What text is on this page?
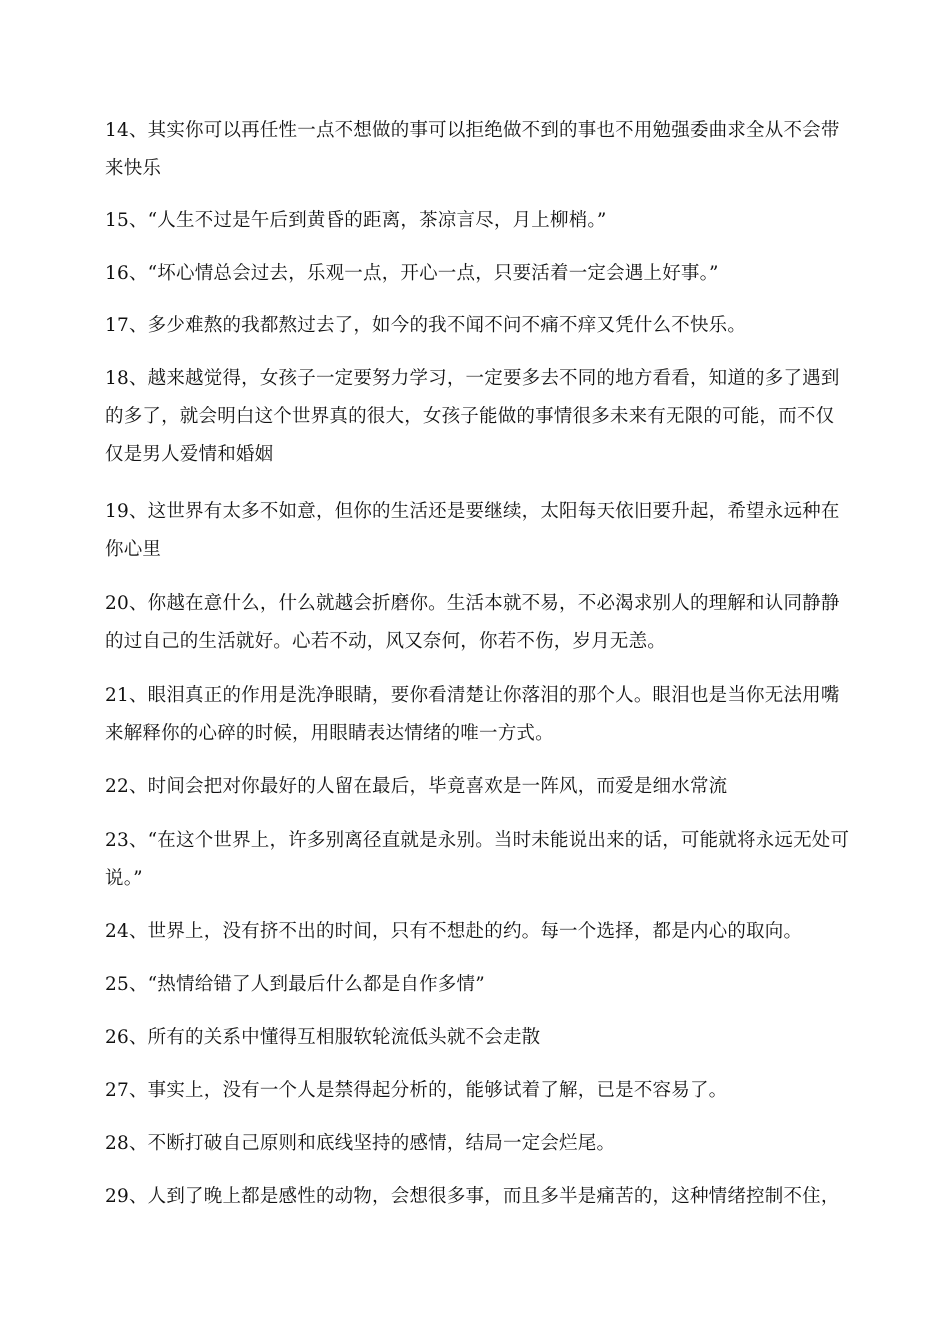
14、其实你可以再任性一点不想做的事可以拒绝做不到的事也不用勉强委曲求全从不会带来快乐

15、“人生不过是午后到黄昏的距离，茶凉言尽，月上柳梢。”

16、“坏心情总会过去，乐观一点，开心一点，只要活着一定会遇上好事。”

17、多少难熬的我都熬过去了，如今的我不闻不问不痛不痒又凭什么不快乐。

18、越来越觉得，女孩子一定要努力学习，一定要多去不同的地方看看，知道的多了遇到的多了，就会明白这个世界真的很大，女孩子能做的事情很多未来有无限的可能，而不仅仅是男人爱情和婚姻

19、这世界有太多不如意，但你的生活还是要继续，太阳每天依旧要升起，希望永远种在你心里

20、你越在意什么，什么就越会折磨你。生活本就不易，不必渴求别人的理解和认同静静的过自己的生活就好。心若不动，风又奈何，你若不伤，岁月无恙。

21、眼泪真正的作用是洗净眼睛，要你看清楚让你落泪的那个人。眼泪也是当你无法用嘴来解释你的心碎的时候，用眼睛表达情绪的唯一方式。

22、时间会把对你最好的人留在最后，毕竟喜欢是一阵风，而爱是细水常流

23、“在这个世界上，许多别离径直就是永别。当时未能说出来的话，可能就将永远无处可说。”

24、世界上，没有挤不出的时间，只有不想赴的约。每一个选择，都是内心的取向。

25、“热情给错了人到最后什么都是自作多情”

26、所有的关系中懂得互相服软轮流低头就不会走散

27、事实上，没有一个人是禁得起分析的，能够试着了解，已是不容易了。

28、不断打破自己原则和底线坚持的感情，结局一定会烂尾。

29、人到了晚上都是感性的动物，会想很多事，而且多半是痛苦的，这种情绪控制不住，
